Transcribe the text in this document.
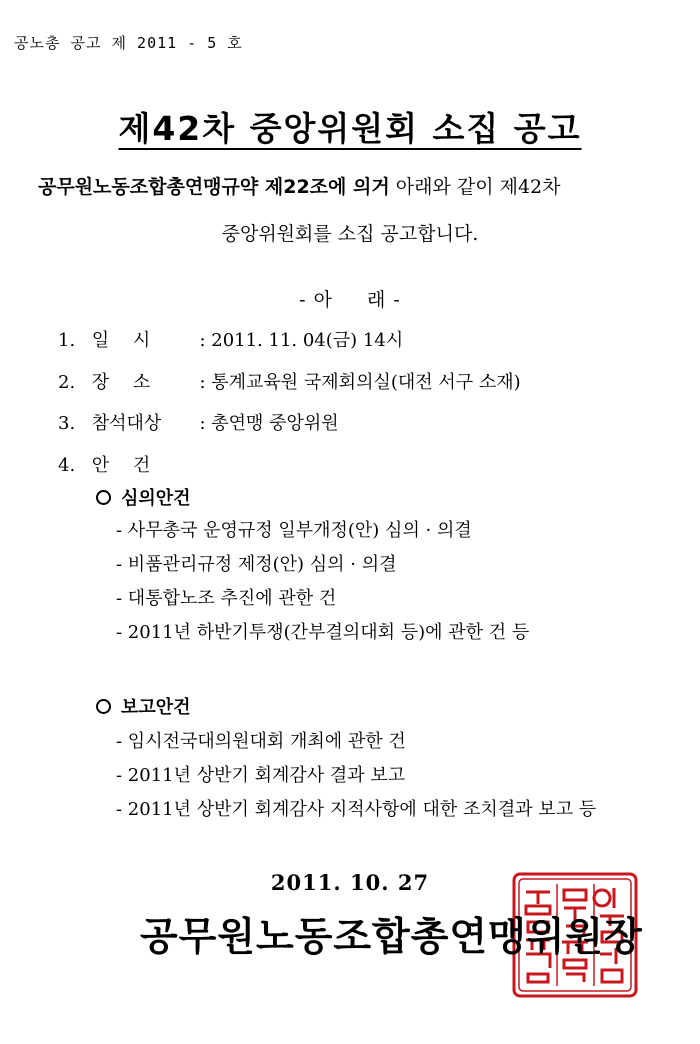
공노총 공고 제 2011 - 5 호
제42차 중앙위원회 소집 공고
공무원노동조합총연맹규약 제22조에 의거 아래와 같이 제42차
중앙위원회를 소집 공고합니다.
- 아 　 래 -
1. 일　 시 : 2011. 11. 04(금) 14시
2. 장　 소 : 통계교육원 국제회의실(대전 서구 소재)
3. 참석대상 : 총연맹 중앙위원
4. 안　 건
심의안건
- 사무총국 운영규정 일부개정(안) 심의 · 의결
- 비품관리규정 제정(안) 심의 · 의결
- 대통합노조 추진에 관한 건
- 2011년 하반기투쟁(간부결의대회 등)에 관한 건 등
보고안건
- 임시전국대의원대회 개최에 관한 건
- 2011년 상반기 회계감사 결과 보고
- 2011년 상반기 회계감사 지적사항에 대한 조치결과 보고 등
2011. 10. 27
공무원노동조합총연맹위원장
